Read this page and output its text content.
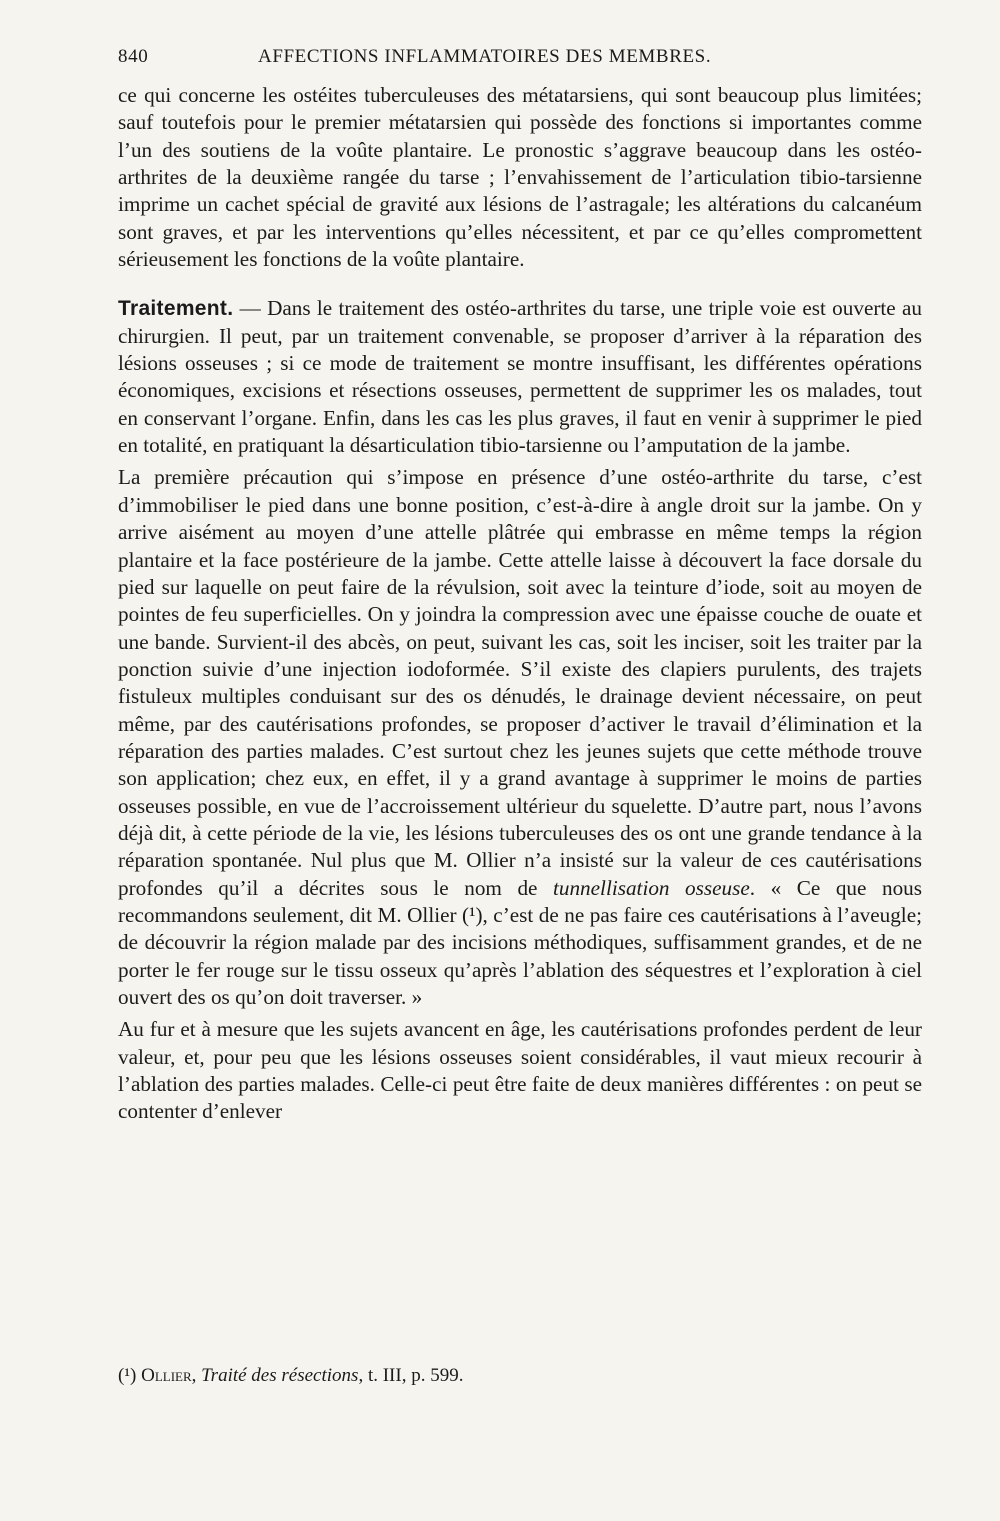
840	AFFECTIONS INFLAMMATOIRES DES MEMBRES.

ce qui concerne les ostéites tuberculeuses des métatarsiens, qui sont beaucoup plus limitées; sauf toutefois pour le premier métatarsien qui possède des fonctions si importantes comme l’un des soutiens de la voûte plantaire. Le pronostic s’aggrave beaucoup dans les ostéo-arthrites de la deuxième rangée du tarse ; l’envahissement de l’articulation tibio-tarsienne imprime un cachet spécial de gravité aux lésions de l’astragale; les altérations du calcanéum sont graves, et par les interventions qu’elles nécessitent, et par ce qu’elles compromettent sérieusement les fonctions de la voûte plantaire.

Traitement. — Dans le traitement des ostéo-arthrites du tarse, une triple voie est ouverte au chirurgien. Il peut, par un traitement convenable, se proposer d’arriver à la réparation des lésions osseuses ; si ce mode de traitement se montre insuffisant, les différentes opérations économiques, excisions et résections osseuses, permettent de supprimer les os malades, tout en conservant l’organe. Enfin, dans les cas les plus graves, il faut en venir à supprimer le pied en totalité, en pratiquant la désarticulation tibio-tarsienne ou l’amputation de la jambe.

La première précaution qui s’impose en présence d’une ostéo-arthrite du tarse, c’est d’immobiliser le pied dans une bonne position, c’est-à-dire à angle droit sur la jambe. On y arrive aisément au moyen d’une attelle plâtrée qui embrasse en même temps la région plantaire et la face postérieure de la jambe. Cette attelle laisse à découvert la face dorsale du pied sur laquelle on peut faire de la révulsion, soit avec la teinture d’iode, soit au moyen de pointes de feu superficielles. On y joindra la compression avec une épaisse couche de ouate et une bande. Survient-il des abcès, on peut, suivant les cas, soit les inciser, soit les traiter par la ponction suivie d’une injection iodoformée. S’il existe des clapiers purulents, des trajets fistuleux multiples conduisant sur des os dénudés, le drainage devient nécessaire, on peut même, par des cautérisations profondes, se proposer d’activer le travail d’élimination et la réparation des parties malades. C’est surtout chez les jeunes sujets que cette méthode trouve son application; chez eux, en effet, il y a grand avantage à supprimer le moins de parties osseuses possible, en vue de l’accroissement ultérieur du squelette. D’autre part, nous l’avons déjà dit, à cette période de la vie, les lésions tuberculeuses des os ont une grande tendance à la réparation spontanée. Nul plus que M. Ollier n’a insisté sur la valeur de ces cautérisations profondes qu’il a décrites sous le nom de tunnellisation osseuse. « Ce que nous recommandons seulement, dit M. Ollier (¹), c’est de ne pas faire ces cautérisations à l’aveugle; de découvrir la région malade par des incisions méthodiques, suffisamment grandes, et de ne porter le fer rouge sur le tissu osseux qu’après l’ablation des séquestres et l’exploration à ciel ouvert des os qu’on doit traverser. »

Au fur et à mesure que les sujets avancent en âge, les cautérisations profondes perdent de leur valeur, et, pour peu que les lésions osseuses soient considérables, il vaut mieux recourir à l’ablation des parties malades. Celle-ci peut être faite de deux manières différentes : on peut se contenter d’enlever

(¹) Ollier, Traité des résections, t. III, p. 599.
